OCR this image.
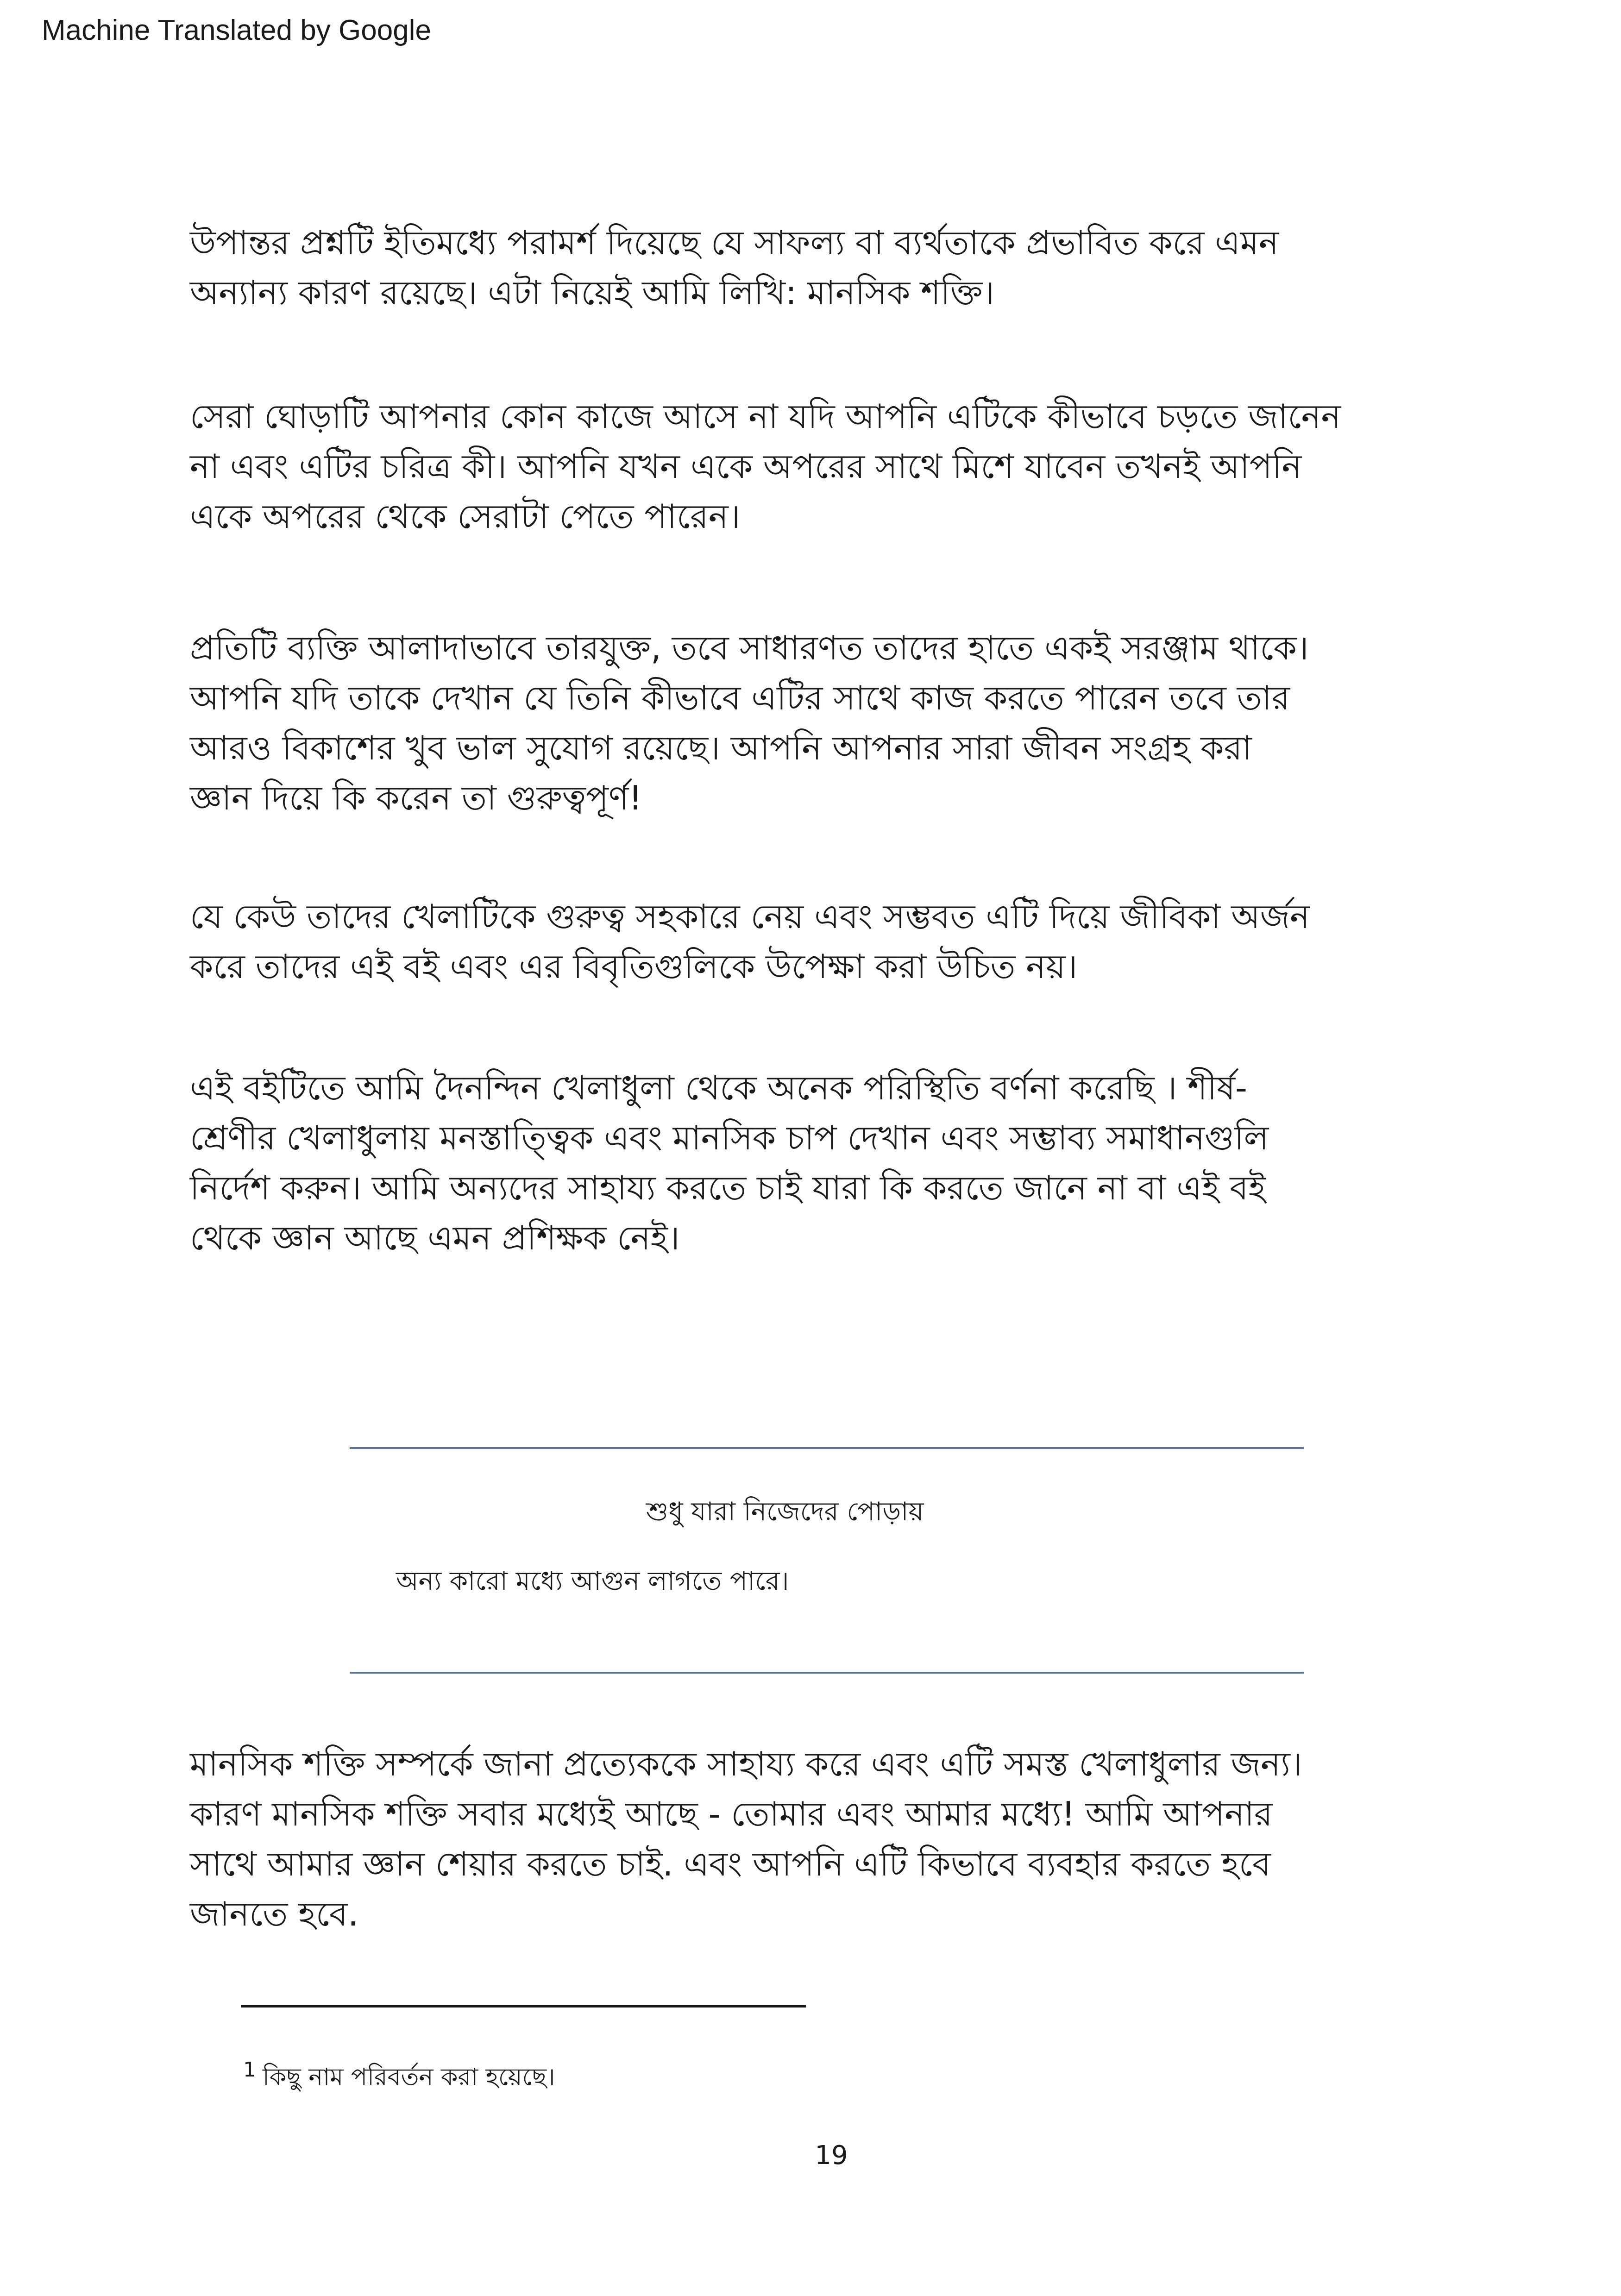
Machine Translated by Google

উপান্তর প্রশ্নটি ইতিমধ্যে পরামর্শ দিয়েছে যে সাফল্য বা ব্যর্থতাকে প্রভাবিত করে এমন
অন্যান্য কারণ রয়েছে। এটা নিয়েই আমি লিখি: মানসিক শক্তি।

সেরা ঘোড়াটি আপনার কোন কাজে আসে না যদি আপনি এটিকে কীভাবে চড়তে জানেন
না এবং এটির চরিত্র কী। আপনি যখন একে অপরের সাথে মিশে যাবেন তখনই আপনি
একে অপরের থেকে সেরাটা পেতে পারেন।

প্রতিটি ব্যক্তি আলাদাভাবে তারযুক্ত, তবে সাধারণত তাদের হাতে একই সরঞ্জাম থাকে।
আপনি যদি তাকে দেখান যে তিনি কীভাবে এটির সাথে কাজ করতে পারেন তবে তার
আরও বিকাশের খুব ভাল সুযোগ রয়েছে। আপনি আপনার সারা জীবন সংগ্রহ করা
জ্ঞান দিয়ে কি করেন তা গুরুত্বপূর্ণ!

যে কেউ তাদের খেলাটিকে গুরুত্ব সহকারে নেয় এবং সম্ভবত এটি দিয়ে জীবিকা অর্জন
করে তাদের এই বই এবং এর বিবৃতিগুলিকে উপেক্ষা করা উচিত নয়।

এই বইটিতে আমি দৈনন্দিন খেলাধুলা থেকে অনেক পরিস্থিতি বর্ণনা করেছি । শীর্ষ-
শ্রেণীর খেলাধুলায় মনস্তাত্ত্বিক এবং মানসিক চাপ দেখান এবং সম্ভাব্য সমাধানগুলি
নির্দেশ করুন। আমি অন্যদের সাহায্য করতে চাই যারা কি করতে জানে না বা এই বই
থেকে জ্ঞান আছে এমন প্রশিক্ষক নেই।

শুধু যারা নিজেদের পোড়ায়
অন্য কারো মধ্যে আগুন লাগতে পারে।

মানসিক শক্তি সম্পর্কে জানা প্রত্যেককে সাহায্য করে এবং এটি সমস্ত খেলাধুলার জন্য।
কারণ মানসিক শক্তি সবার মধ্যেই আছে - তোমার এবং আমার মধ্যে! আমি আপনার
সাথে আমার জ্ঞান শেয়ার করতে চাই. এবং আপনি এটি কিভাবে ব্যবহার করতে হবে
জানতে হবে.

$^1$ কিছু নাম পরিবর্তন করা হয়েছে।
19
